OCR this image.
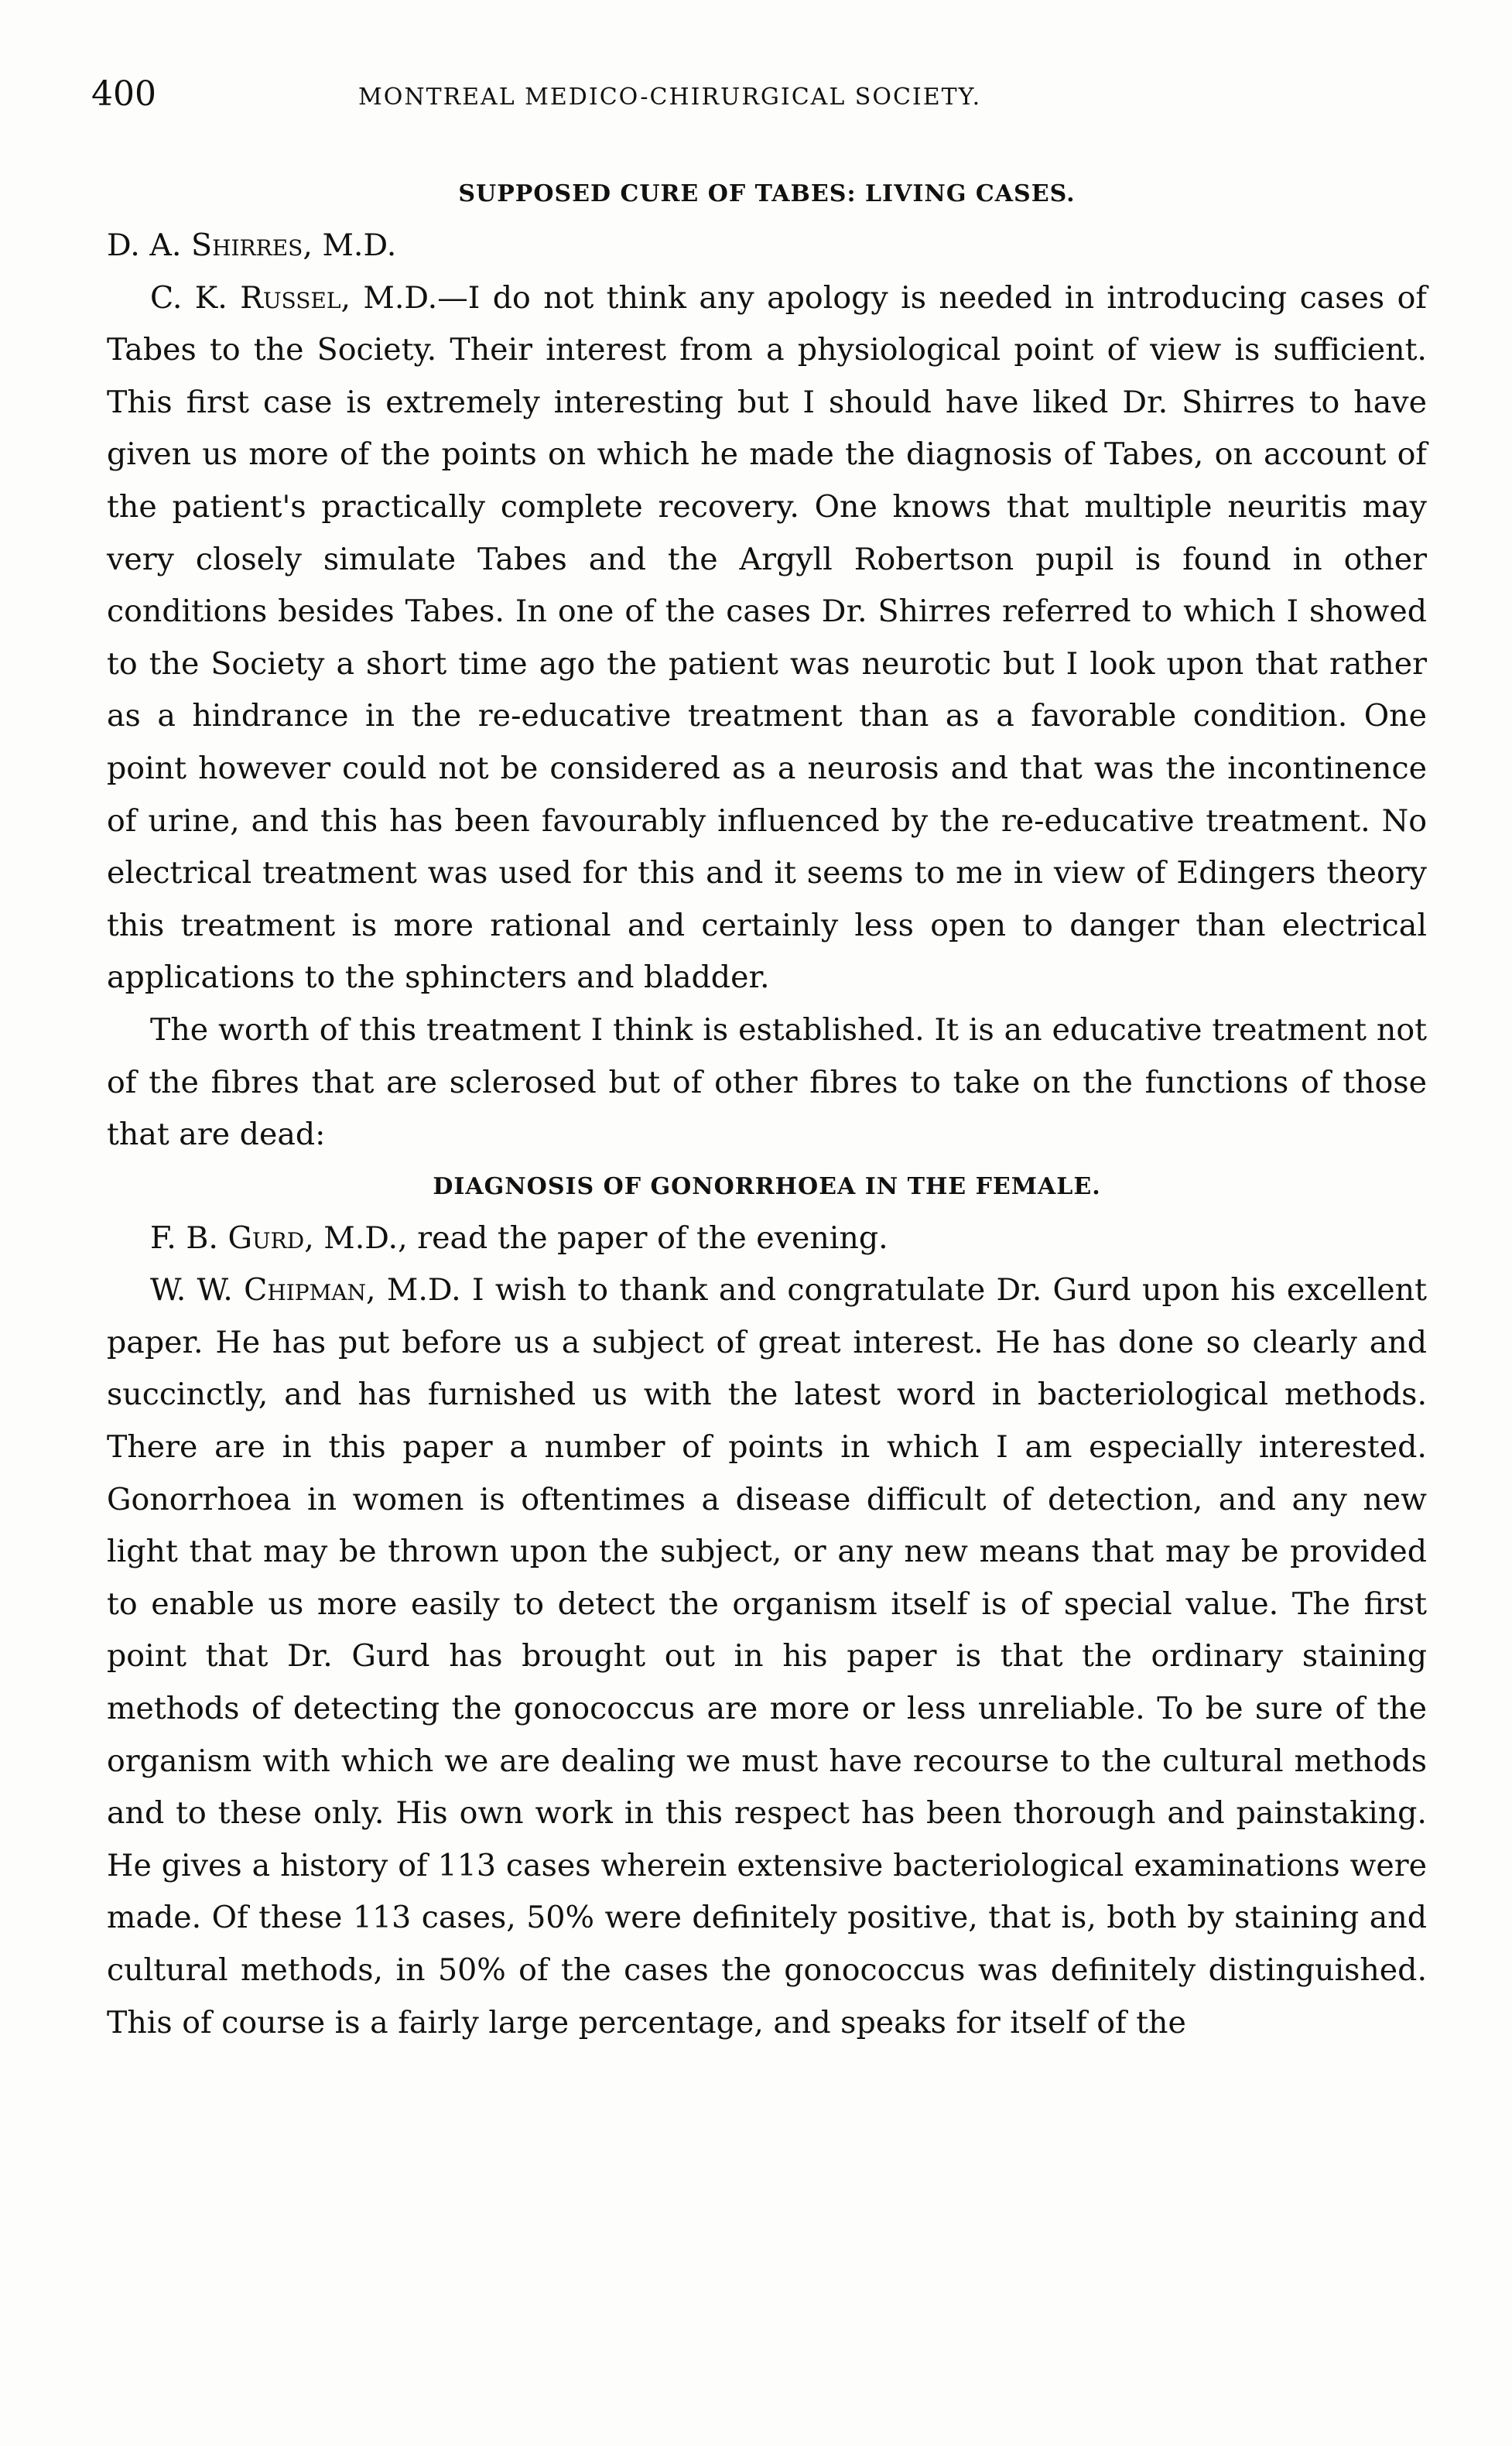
400	MONTREAL MEDICO-CHIRURGICAL SOCIETY.

SUPPOSED CURE OF TABES: LIVING CASES.

D. A. Shirres, M.D.

C. K. Russel, M.D.—I do not think any apology is needed in introducing cases of Tabes to the Society. Their interest from a physiological point of view is sufficient. This first case is extremely interesting but I should have liked Dr. Shirres to have given us more of the points on which he made the diagnosis of Tabes, on account of the patient's practically complete recovery. One knows that multiple neuritis may very closely simulate Tabes and the Argyll Robertson pupil is found in other conditions besides Tabes. In one of the cases Dr. Shirres referred to which I showed to the Society a short time ago the patient was neurotic but I look upon that rather as a hindrance in the re-educative treatment than as a favorable condition. One point however could not be considered as a neurosis and that was the incontinence of urine, and this has been favourably influenced by the re-educative treatment. No electrical treatment was used for this and it seems to me in view of Edingers theory this treatment is more rational and certainly less open to danger than electrical applications to the sphincters and bladder.

The worth of this treatment I think is established. It is an educative treatment not of the fibres that are sclerosed but of other fibres to take on the functions of those that are dead:

DIAGNOSIS OF GONORRHOEA IN THE FEMALE.

F. B. Gurd, M.D., read the paper of the evening.

W. W. Chipman, M.D. I wish to thank and congratulate Dr. Gurd upon his excellent paper. He has put before us a subject of great interest. He has done so clearly and succinctly, and has furnished us with the latest word in bacteriological methods. There are in this paper a number of points in which I am especially interested. Gonorrhoea in women is oftentimes a disease difficult of detection, and any new light that may be thrown upon the subject, or any new means that may be provided to enable us more easily to detect the organism itself is of special value. The first point that Dr. Gurd has brought out in his paper is that the ordinary staining methods of detecting the gonococcus are more or less unreliable. To be sure of the organism with which we are dealing we must have recourse to the cultural methods and to these only. His own work in this respect has been thorough and painstaking. He gives a history of 113 cases wherein extensive bacteriological examinations were made. Of these 113 cases, 50% were definitely positive, that is, both by staining and cultural methods, in 50% of the cases the gonococcus was definitely distinguished. This of course is a fairly large percentage, and speaks for itself of the
